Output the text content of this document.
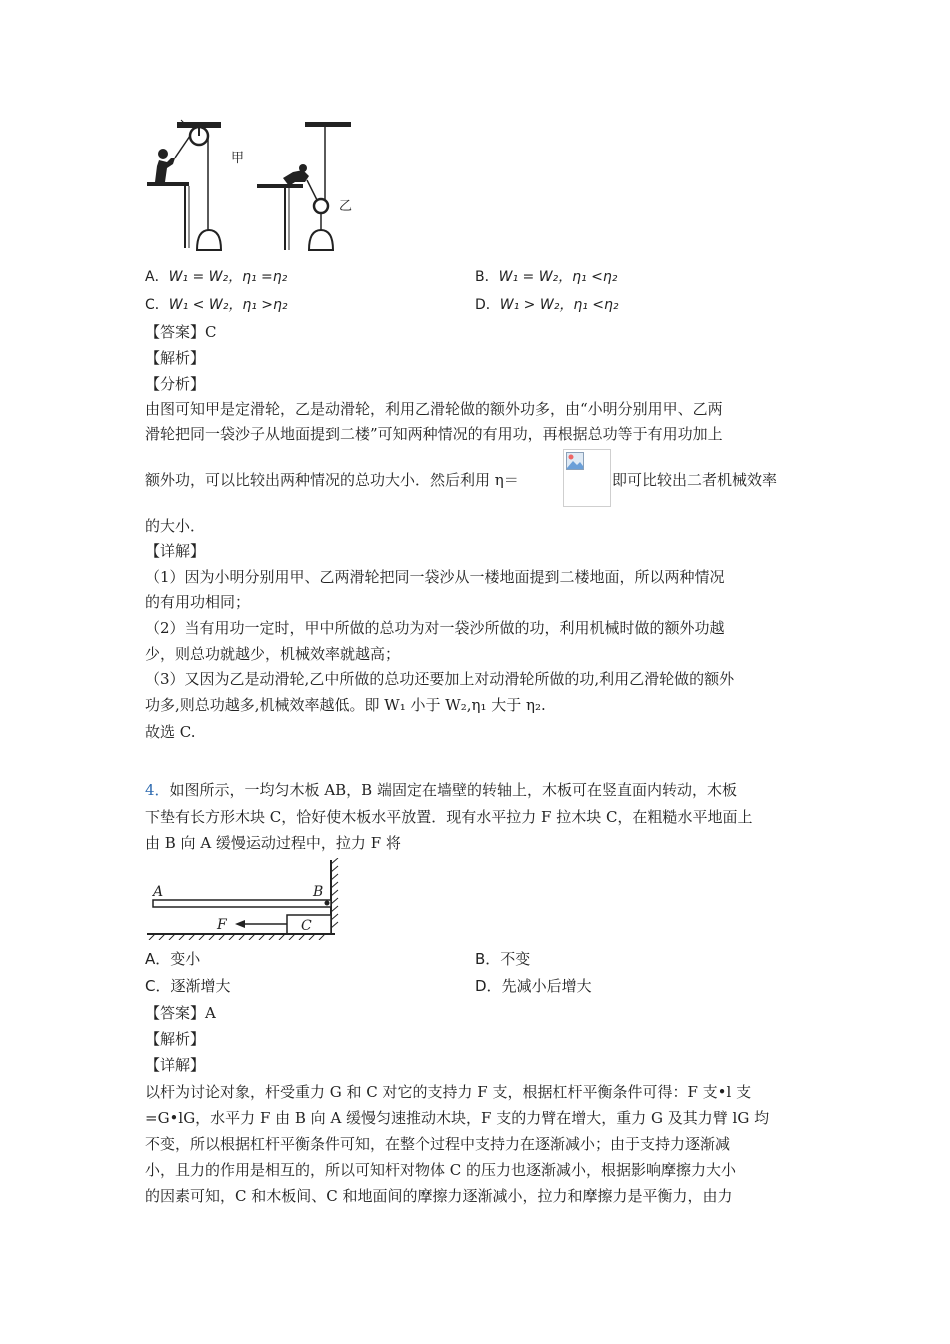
甲
乙
A．W₁ = W₂，η₁ =η₂	B．W₁ = W₂，η₁ <η₂
C．W₁ < W₂，η₁ >η₂	D．W₁ > W₂，η₁ <η₂
【答案】C
【解析】
【分析】
由图可知甲是定滑轮，乙是动滑轮，利用乙滑轮做的额外功多，由“小明分别用甲、乙两
滑轮把同一袋沙子从地面提到二楼”可知两种情况的有用功，再根据总功等于有用功加上
额外功，可以比较出两种情况的总功大小．然后利用 η＝	即可比较出二者机械效率
的大小．
【详解】
（1）因为小明分别用甲、乙两滑轮把同一袋沙从一楼地面提到二楼地面，所以两种情况
的有用功相同；
（2）当有用功一定时，甲中所做的总功为对一袋沙所做的功，利用机械时做的额外功越
少，则总功就越少，机械效率就越高；
（3）又因为乙是动滑轮,乙中所做的总功还要加上对动滑轮所做的功,利用乙滑轮做的额外
功多,则总功越多,机械效率越低。即 W₁ 小于 W₂,η₁ 大于 η₂.
故选 C.
4．如图所示，一均匀木板 AB，B 端固定在墙壁的转轴上，木板可在竖直面内转动，木板
下垫有长方形木块 C，恰好使木板水平放置．现有水平拉力 F 拉木块 C，在粗糙水平地面上
由 B 向 A 缓慢运动过程中，拉力 F 将
A	B
C
F
A．变小	B．不变
C．逐渐增大	D．先减小后增大
【答案】A
【解析】
【详解】
以杆为讨论对象，杆受重力 G 和 C 对它的支持力 F 支，根据杠杆平衡条件可得：F 支•l 支
=G•lG，水平力 F 由 B 向 A 缓慢匀速推动木块，F 支的力臂在增大，重力 G 及其力臂 lG 均
不变，所以根据杠杆平衡条件可知，在整个过程中支持力在逐渐减小；由于支持力逐渐减
小，且力的作用是相互的，所以可知杆对物体 C 的压力也逐渐减小，根据影响摩擦力大小
的因素可知，C 和木板间、C 和地面间的摩擦力逐渐减小，拉力和摩擦力是平衡力，由力
